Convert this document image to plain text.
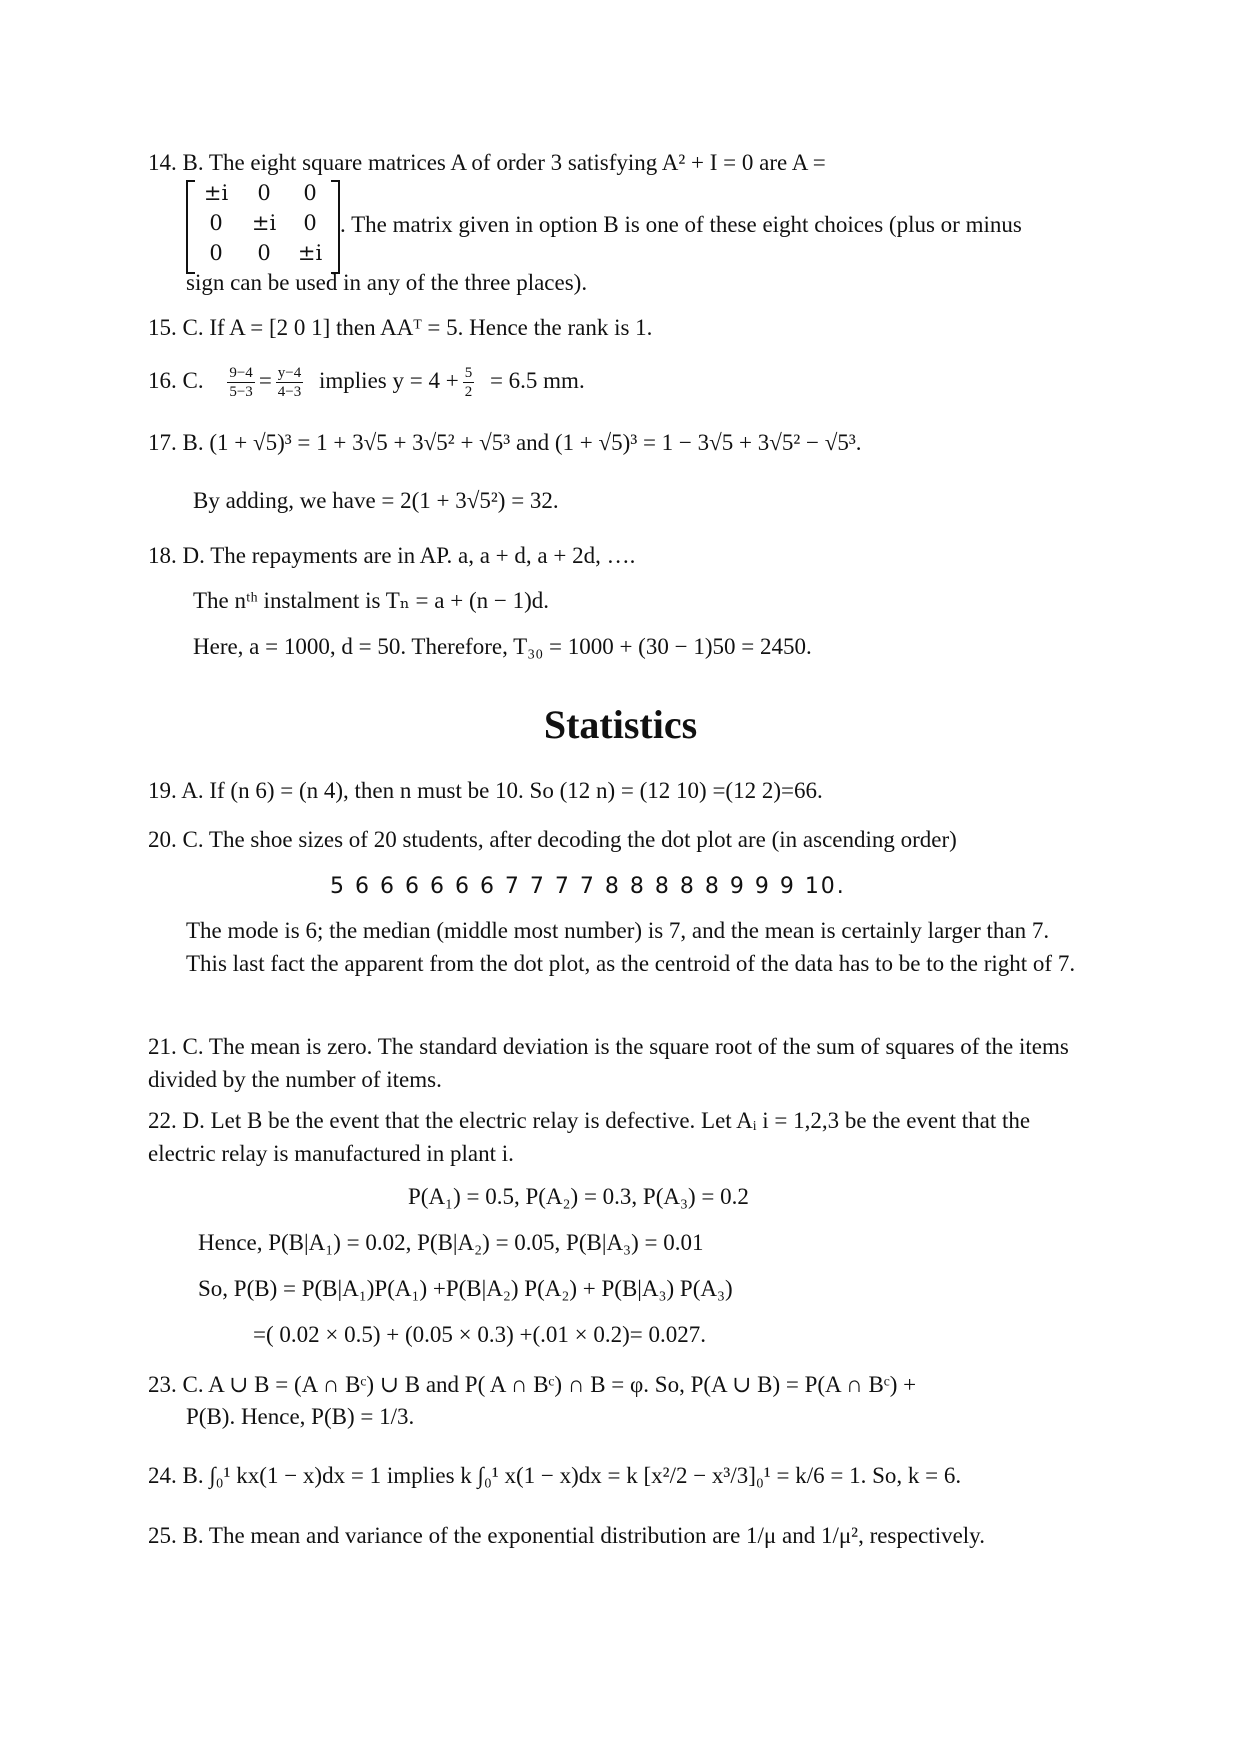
14. B. The eight square matrices A of order 3 satisfying A² + I = 0 are A =
±i	0	0
0	±i	0
0	0	±i
. The matrix given in option B is one of these eight choices (plus or minus
sign can be used in any of the three places).
15. C. If A = [2 0 1] then AAᵀ = 5. Hence the rank is 1.
16. C. $\frac{9-4}{5-3} = \frac{y-4}{4-3}$ implies $y = 4 + \frac{5}{2} = 6.5$ mm.
17. B. (1 + √5)³ = 1 + 3√5 + 3√5² + √5³ and (1 + √5)³ = 1 − 3√5 + 3√5² − √5³.
By adding, we have = 2(1 + 3√5²) = 32.
18. D. The repayments are in AP. a, a + d, a + 2d, ….
The nᵗʰ instalment is Tₙ = a + (n − 1)d.
Here, a = 1000, d = 50. Therefore, T₃₀ = 1000 + (30 − 1)50 = 2450.
Statistics
19. A. If (n 6) = (n 4), then n must be 10. So (12 n) = (12 10) =(12 2)=66.
20. C. The shoe sizes of 20 students, after decoding the dot plot are (in ascending order)
5 6 6 6 6 6 6 7 7 7 7 8 8 8 8 8 9 9 9 10.
The mode is 6; the median (middle most number) is 7, and the mean is certainly larger than 7. This last fact the apparent from the dot plot, as the centroid of the data has to be to the right of 7.
21. C. The mean is zero. The standard deviation is the square root of the sum of squares of the items divided by the number of items.
22. D. Let B be the event that the electric relay is defective. Let Aᵢ i = 1,2,3 be the event that the electric relay is manufactured in plant i.
P(A₁) = 0.5, P(A₂) = 0.3, P(A₃) = 0.2
Hence, P(B|A₁) = 0.02, P(B|A₂) = 0.05, P(B|A₃) = 0.01
So, P(B) = P(B|A₁)P(A₁) +P(B|A₂) P(A₂) + P(B|A₃) P(A₃)
=( 0.02 × 0.5) + (0.05 × 0.3) +(.01 × 0.2)= 0.027.
23. C. A ∪ B = (A ∩ Bᶜ) ∪ B and P( A ∩ Bᶜ) ∩ B = φ. So, P(A ∪ B) = P(A ∩ Bᶜ) +
P(B). Hence, P(B) = 1/3.
24. B. ∫₀¹ kx(1 − x)dx = 1 implies k ∫₀¹ x(1 − x)dx = k [x²/2 − x³/3]₀¹ = k/6 = 1. So, k = 6.
25. B. The mean and variance of the exponential distribution are 1/μ and 1/μ², respectively.
